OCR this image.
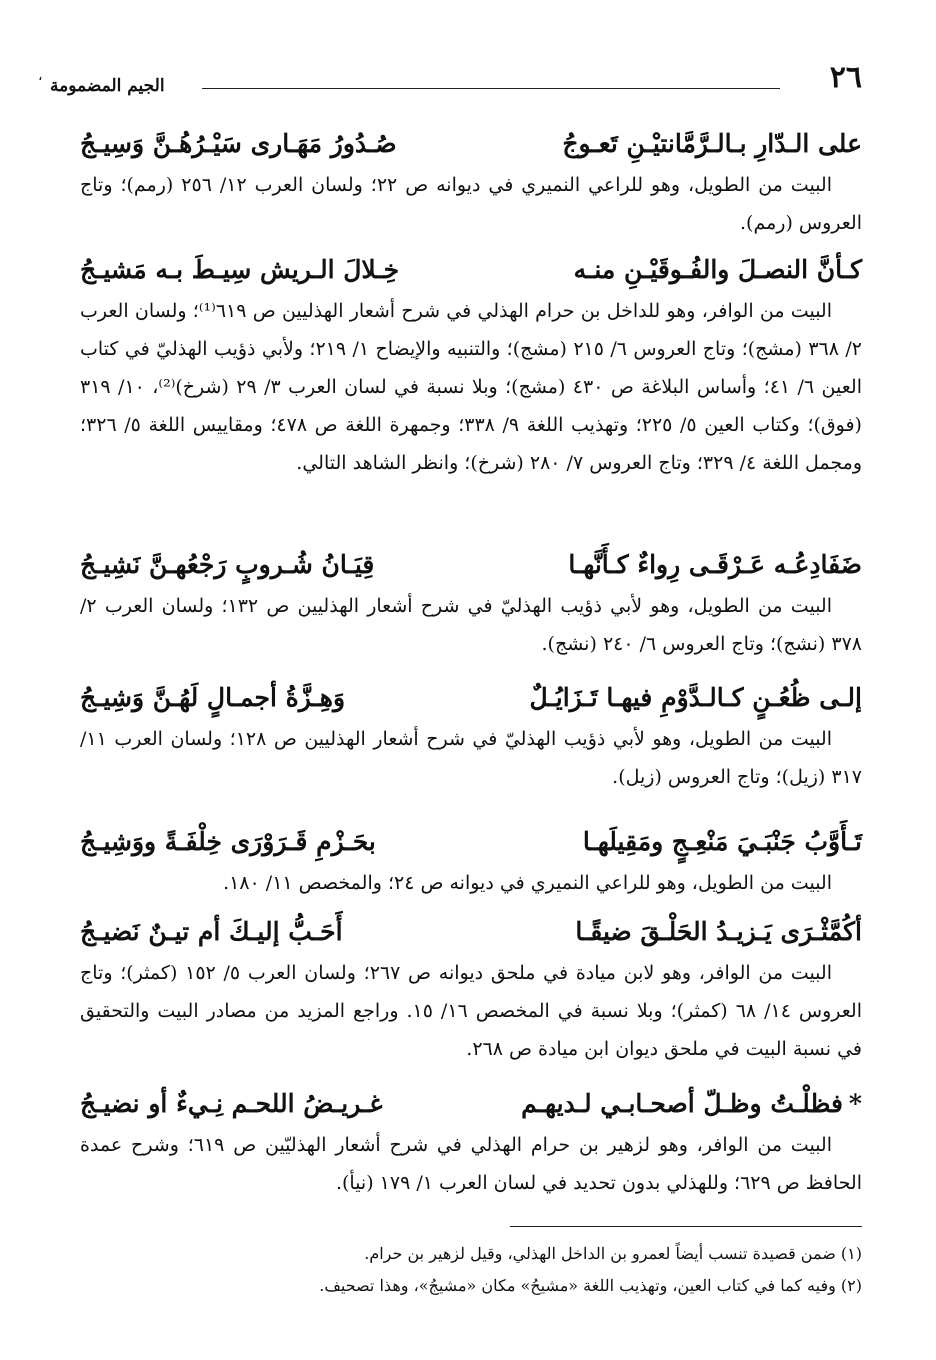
،	٢٦
الجيم المضمومة
على الـدّارِ بـالـرَّمَّانتيْـنِ تَعـوجُ
صُـدُورُ مَهَـارى سَيْـرُهُـنَّ وَسِيـجُ

البيت من الطويل، وهو للراعي النميري في ديوانه ص ٢٢؛ ولسان العرب ١٢/ ٢٥٦ (رمم)؛ وتاج العروس (رمم).

كـأنَّ النصـلَ والفُـوقَيْـنِ منـه
خِـلالَ الـريش سِيـطَ بـه مَشيـجُ

البيت من الوافر، وهو للداخل بن حرام الهذلي في شرح أشعار الهذليين ص ٦١٩⁽¹⁾؛ ولسان العرب ٢/ ٣٦٨ (مشج)؛ وتاج العروس ٦/ ٢١٥ (مشج)؛ والتنبيه والإيضاح ١/ ٢١٩؛ ولأبي ذؤيب الهذليّ في كتاب العين ٦/ ٤١؛ وأساس البلاغة ص ٤٣٠ (مشج)؛ وبلا نسبة في لسان العرب ٣/ ٢٩ (شرخ)⁽²⁾، ١٠/ ٣١٩ (فوق)؛ وكتاب العين ٥/ ٢٢٥؛ وتهذيب اللغة ٩/ ٣٣٨؛ وجمهرة اللغة ص ٤٧٨؛ ومقاييس اللغة ٥/ ٣٢٦؛ ومجمل اللغة ٤/ ٣٢٩؛ وتاج العروس ٧/ ٢٨٠ (شرخ)؛ وانظر الشاهد التالي.

ضَفَادِعُـه عَـرْقَـى رِواءٌ كـأَنَّهـا
قِيَـانُ شُـروبٍ رَجْعُهـنَّ نَشِيـجُ

البيت من الطويل، وهو لأبي ذؤيب الهذليّ في شرح أشعار الهذليين ص ١٣٢؛ ولسان العرب ٢/ ٣٧٨ (نشج)؛ وتاج العروس ٦/ ٢٤٠ (نشج).

إلـى ظُعُـنٍ كـالـدَّوْمِ فيهـا تَـزَايُـلٌ
وَهِـزَّةُ أجمـالٍ لَهُـنَّ وَشِيـجُ

البيت من الطويل، وهو لأبي ذؤيب الهذليّ في شرح أشعار الهذليين ص ١٢٨؛ ولسان العرب ١١/ ٣١٧ (زيل)؛ وتاج العروس (زيل).

تَـأَوَّبُ جَنْبَـيَ مَنْعِـجٍ ومَقِيلَهـا
بحَـزْمِ قَـرَوْرَى خِلْفَـةً ووَشِيـجُ

البيت من الطويل، وهو للراعي النميري في ديوانه ص ٢٤؛ والمخصص ١١/ ١٨٠.

أكُمَّثْـرَى يَـزيـدُ الحَلْـقَ ضيقًـا
أَحَـبُّ إليـكَ أم تيـنٌ نَضيـجُ

البيت من الوافر، وهو لابن ميادة في ملحق ديوانه ص ٢٦٧؛ ولسان العرب ٥/ ١٥٢ (كمثر)؛ وتاج العروس ١٤/ ٦٨ (كمثر)؛ وبلا نسبة في المخصص ١٦/ ١٥. وراجع المزيد من مصادر البيت والتحقيق في نسبة البيت في ملحق ديوان ابن ميادة ص ٢٦٨.

*فظلْـتُ وظـلّ أصحـابـي لـديهـم
غـريـضُ اللحـم نِـيءٌ أو نضيـجُ

البيت من الوافر، وهو لزهير بن حرام الهذلي في شرح أشعار الهذليّين ص ٦١٩؛ وشرح عمدة الحافظ ص ٦٢٩؛ وللهذلي بدون تحديد في لسان العرب ١/ ١٧٩ (نيأ).

(١) ضمن قصيدة تنسب أيضاً لعمرو بن الداخل الهذلي، وقيل لزهير بن حرام.
(٢) وفيه كما في كتاب العين، وتهذيب اللغة «مشيحُ» مكان «مشيجُ»، وهذا تصحيف.
